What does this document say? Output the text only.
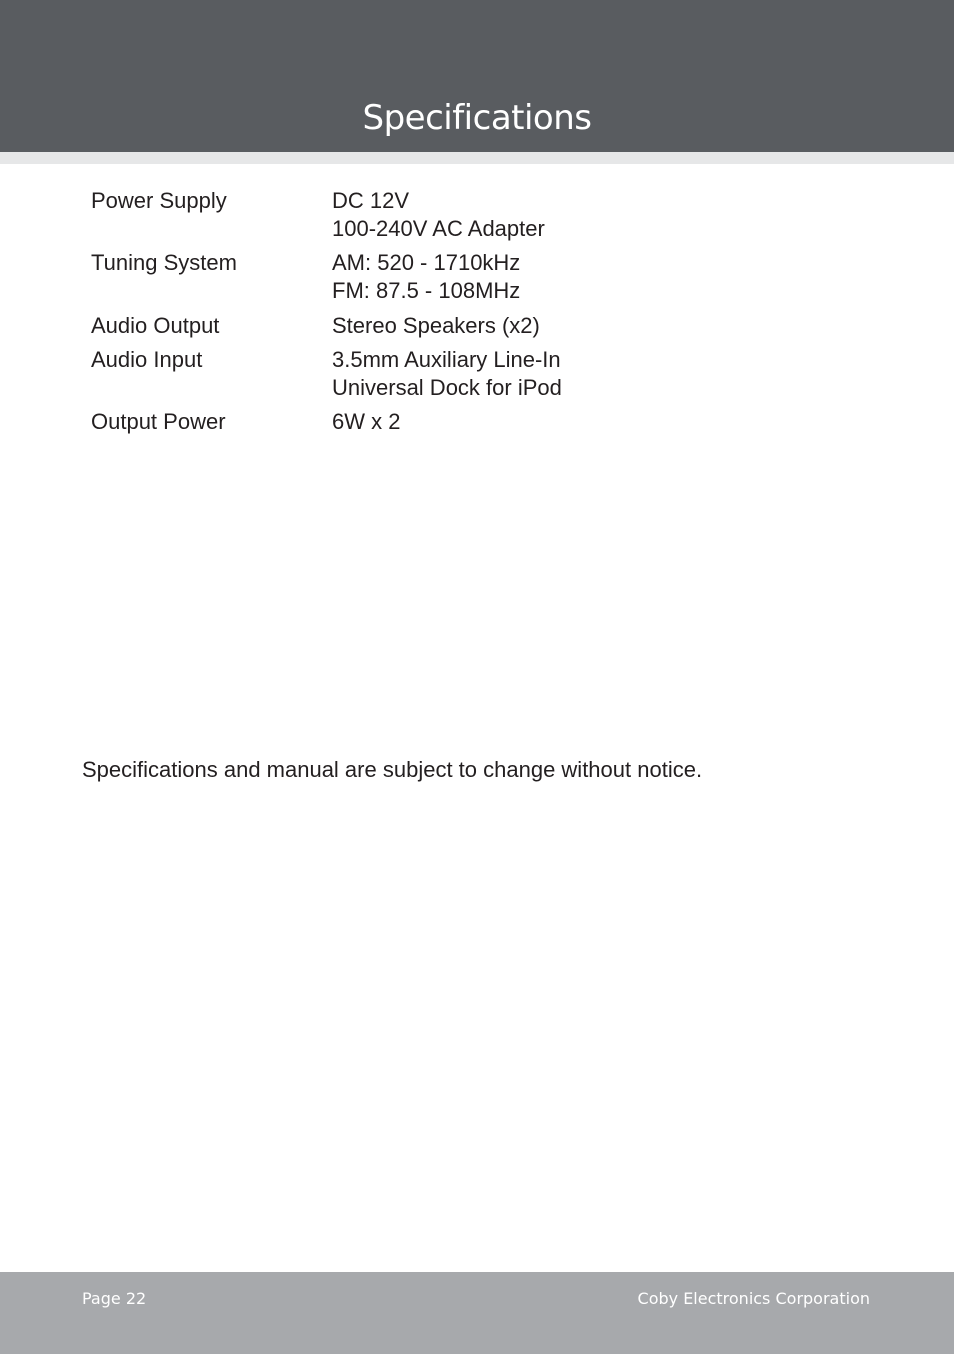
Specifications
Power Supply	DC 12V
100-240V AC Adapter
Tuning System	AM: 520 - 1710kHz
FM: 87.5 - 108MHz
Audio Output	Stereo Speakers (x2)
Audio Input	3.5mm Auxiliary Line-In
Universal Dock for iPod
Output Power	6W x 2
Specifications and manual are subject to change without notice.
Page 22	Coby Electronics Corporation
